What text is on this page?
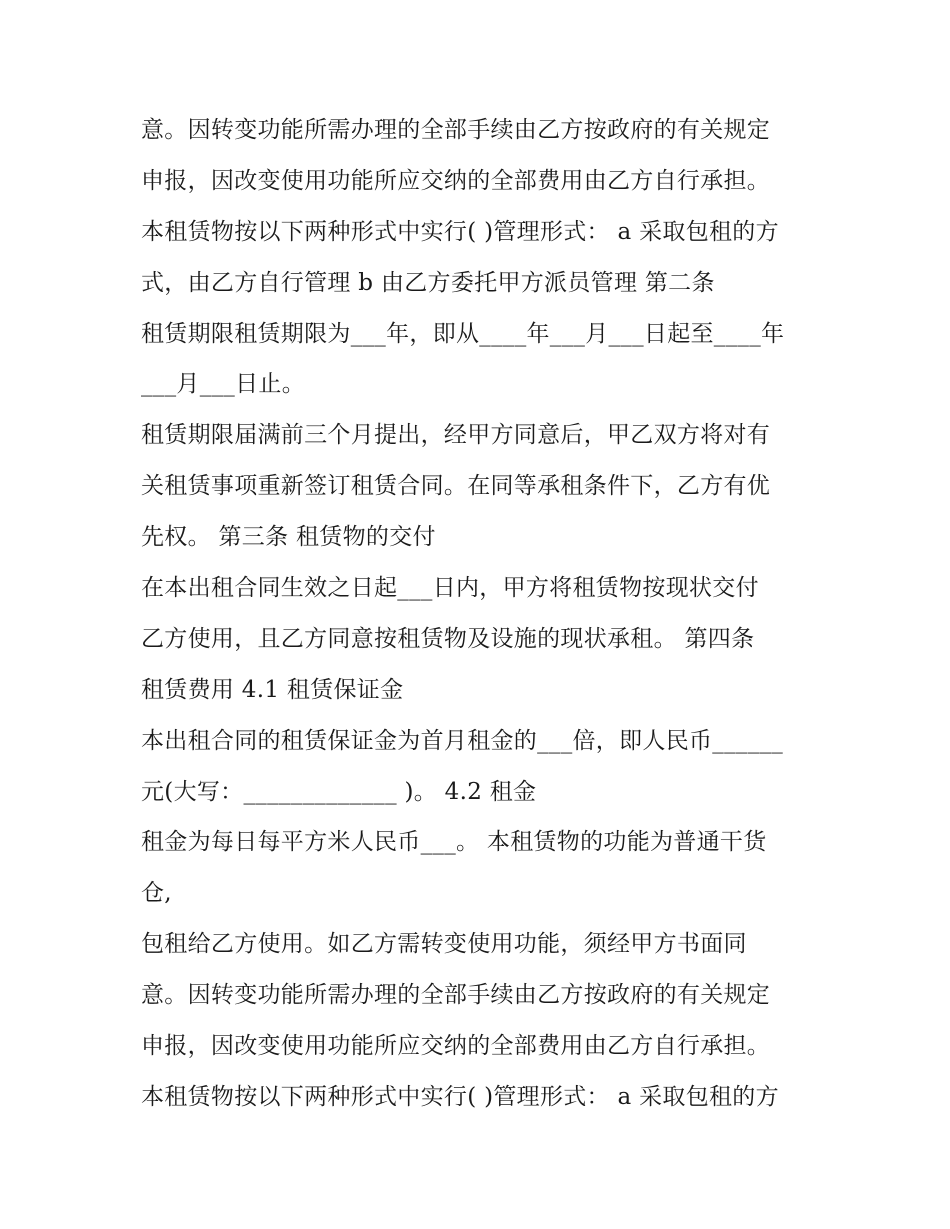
意。因转变功能所需办理的全部手续由乙方按政府的有关规定
申报，因改变使用功能所应交纳的全部费用由乙方自行承担。
本租赁物按以下两种形式中实行( )管理形式： a 采取包租的方
式，由乙方自行管理 b 由乙方委托甲方派员管理 第二条
租赁期限租赁期限为___年，即从____年___月___日起至____年
___月___日止。
租赁期限届满前三个月提出，经甲方同意后，甲乙双方将对有
关租赁事项重新签订租赁合同。在同等承租条件下，乙方有优
先权。 第三条 租赁物的交付
在本出租合同生效之日起___日内，甲方将租赁物按现状交付
乙方使用，且乙方同意按租赁物及设施的现状承租。 第四条
租赁费用 4.1 租赁保证金
本出租合同的租赁保证金为首月租金的___倍，即人民币______
元(大写：_____________ )。 4.2 租金
租金为每日每平方米人民币___。 本租赁物的功能为普通干货
仓,
包租给乙方使用。如乙方需转变使用功能，须经甲方书面同
意。因转变功能所需办理的全部手续由乙方按政府的有关规定
申报，因改变使用功能所应交纳的全部费用由乙方自行承担。
本租赁物按以下两种形式中实行( )管理形式： a 采取包租的方
